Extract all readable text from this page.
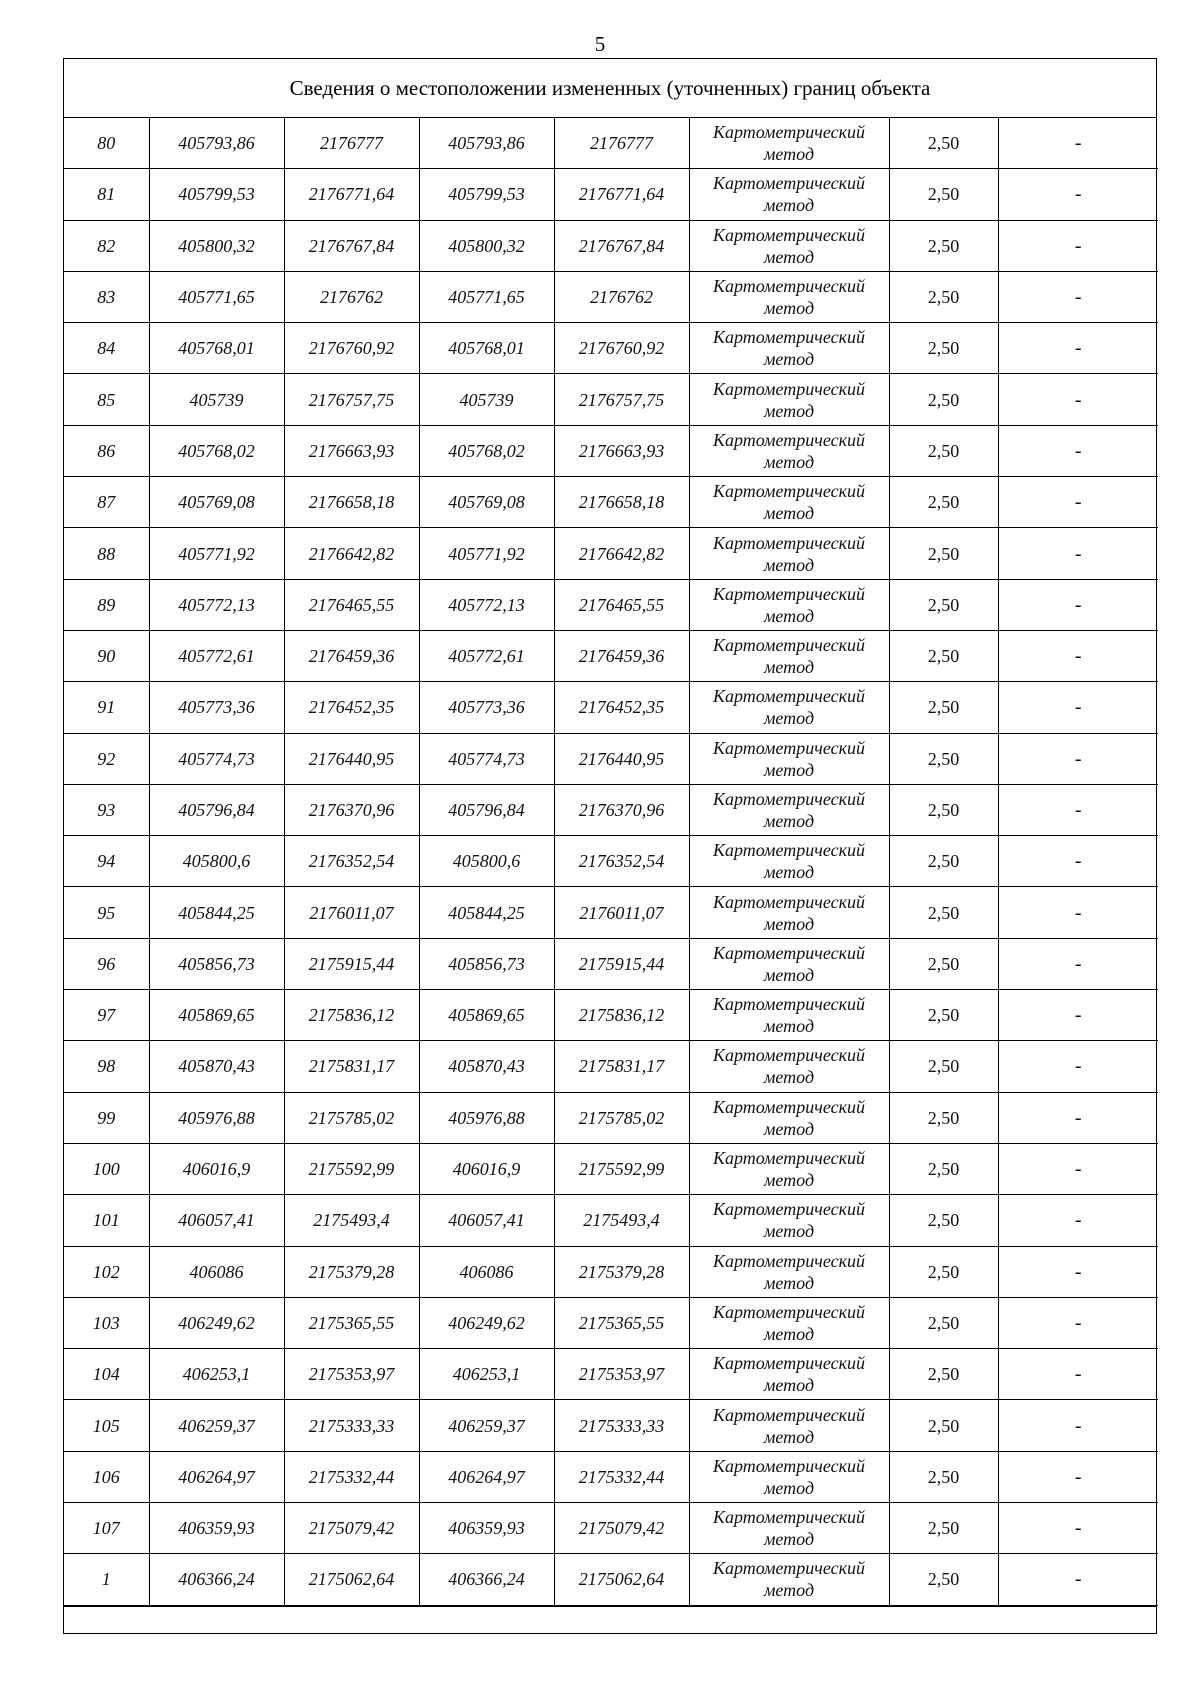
5
Сведения о местоположении измененных (уточненных) границ объекта
80	405793,86	2176777	405793,86	2176777	Картометрический метод	2,50	-
81	405799,53	2176771,64	405799,53	2176771,64	Картометрический метод	2,50	-
82	405800,32	2176767,84	405800,32	2176767,84	Картометрический метод	2,50	-
83	405771,65	2176762	405771,65	2176762	Картометрический метод	2,50	-
84	405768,01	2176760,92	405768,01	2176760,92	Картометрический метод	2,50	-
85	405739	2176757,75	405739	2176757,75	Картометрический метод	2,50	-
86	405768,02	2176663,93	405768,02	2176663,93	Картометрический метод	2,50	-
87	405769,08	2176658,18	405769,08	2176658,18	Картометрический метод	2,50	-
88	405771,92	2176642,82	405771,92	2176642,82	Картометрический метод	2,50	-
89	405772,13	2176465,55	405772,13	2176465,55	Картометрический метод	2,50	-
90	405772,61	2176459,36	405772,61	2176459,36	Картометрический метод	2,50	-
91	405773,36	2176452,35	405773,36	2176452,35	Картометрический метод	2,50	-
92	405774,73	2176440,95	405774,73	2176440,95	Картометрический метод	2,50	-
93	405796,84	2176370,96	405796,84	2176370,96	Картометрический метод	2,50	-
94	405800,6	2176352,54	405800,6	2176352,54	Картометрический метод	2,50	-
95	405844,25	2176011,07	405844,25	2176011,07	Картометрический метод	2,50	-
96	405856,73	2175915,44	405856,73	2175915,44	Картометрический метод	2,50	-
97	405869,65	2175836,12	405869,65	2175836,12	Картометрический метод	2,50	-
98	405870,43	2175831,17	405870,43	2175831,17	Картометрический метод	2,50	-
99	405976,88	2175785,02	405976,88	2175785,02	Картометрический метод	2,50	-
100	406016,9	2175592,99	406016,9	2175592,99	Картометрический метод	2,50	-
101	406057,41	2175493,4	406057,41	2175493,4	Картометрический метод	2,50	-
102	406086	2175379,28	406086	2175379,28	Картометрический метод	2,50	-
103	406249,62	2175365,55	406249,62	2175365,55	Картометрический метод	2,50	-
104	406253,1	2175353,97	406253,1	2175353,97	Картометрический метод	2,50	-
105	406259,37	2175333,33	406259,37	2175333,33	Картометрический метод	2,50	-
106	406264,97	2175332,44	406264,97	2175332,44	Картометрический метод	2,50	-
107	406359,93	2175079,42	406359,93	2175079,42	Картометрический метод	2,50	-
1	406366,24	2175062,64	406366,24	2175062,64	Картометрический метод	2,50	-
